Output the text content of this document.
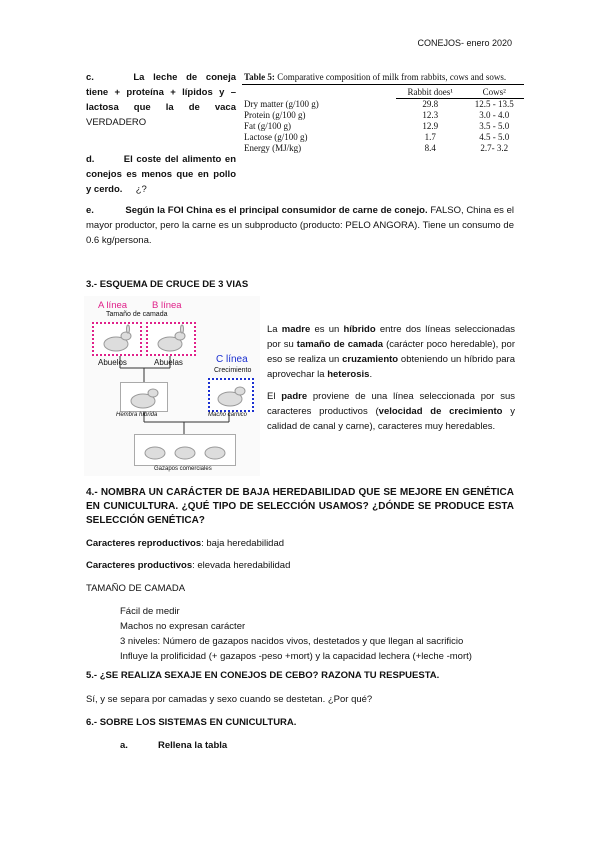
CONEJOS- enero 2020

c.	La leche de coneja

tiene + proteína + lípidos y –

lactosa que la de vaca

VERDADERO

d.	El coste del alimento en

conejos es menos que en pollo

y cerdo. ¿?

Table 5: Comparative composition of milk from rabbits, cows and sows.
	Rabbit does¹	Cows²
Dry matter (g/100 g)	29.8	12.5 - 13.5
Protein (g/100 g)	12.3	3.0 - 4.0
Fat (g/100 g)	12.9	3.5 - 5.0
Lactose (g/100 g)	1.7	4.5 - 5.0
Energy (MJ/kg)	8.4	2.7- 3.2
e.	Según la FOI China es el principal consumidor de carne de conejo. FALSO, China es el mayor productor, pero la carne es un subproducto (producto: PELO ANGORA). Tiene un consumo de 0.6 kg/persona.
3.- ESQUEMA DE CRUCE DE 3 VIAS
A línea	B línea
Tamaño de camada
Abuelos	Abuelas	C línea
Crecimiento
Hembra híbrida	Macho cárnico
Gazapos comerciales
La madre es un híbrido entre dos líneas seleccionadas por su tamaño de camada (carácter poco heredable), por eso se realiza un cruzamiento obteniendo un híbrido para aprovechar la heterosis.
El padre proviene de una línea seleccionada por sus caracteres productivos (velocidad de crecimiento y calidad de canal y carne), caracteres muy heredables.
4.- NOMBRA UN CARÁCTER DE BAJA HEREDABILIDAD QUE SE MEJORE EN GENÉTICA EN CUNICULTURA. ¿QUÉ TIPO DE SELECCIÓN USAMOS? ¿DÓNDE SE PRODUCE ESTA SELECCIÓN GENÉTICA?
Caracteres reproductivos: baja heredabilidad
Caracteres productivos: elevada heredabilidad
TAMAÑO DE CAMADA

Fácil de medir

Machos no expresan carácter

3 niveles: Número de gazapos nacidos vivos, destetados y que llegan al sacrificio

Influye la prolificidad (+ gazapos -peso +mort) y la capacidad lechera (+leche -mort)

5.- ¿SE REALIZA SEXAJE EN CONEJOS DE CEBO? RAZONA TU RESPUESTA.
Sí, y se separa por camadas y sexo cuando se destetan. ¿Por qué?
6.- SOBRE LOS SISTEMAS EN CUNICULTURA.
a.	Rellena la tabla
